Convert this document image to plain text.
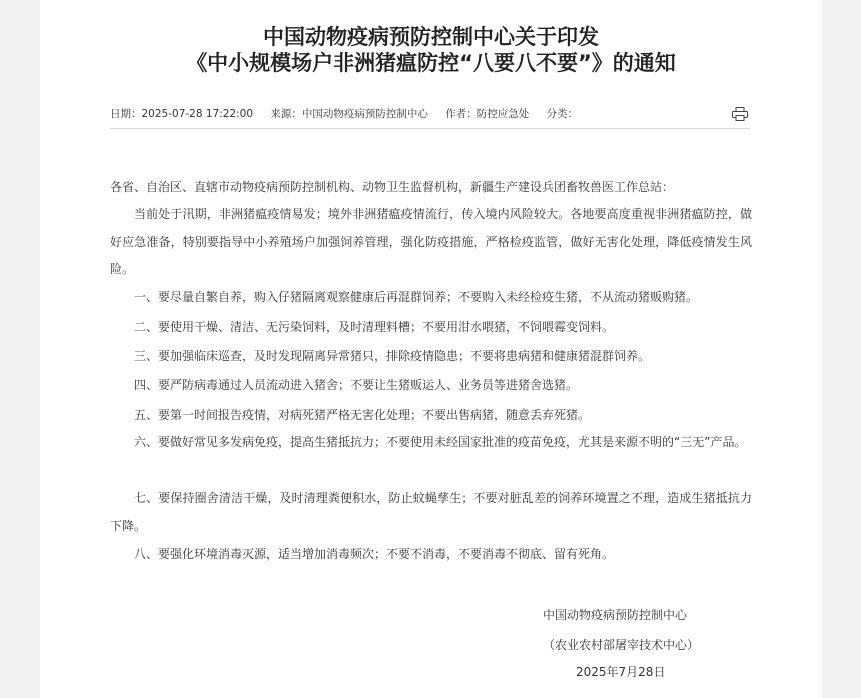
中国动物疫病预防控制中心关于印发
《中小规模场户非洲猪瘟防控“八要八不要”》的通知
日期：2025-07-28 17:22:00 来源：中国动物疫病预防控制中心 作者：防控应急处 分类：
各省、自治区、直辖市动物疫病预防控制机构、动物卫生监督机构，新疆生产建设兵团畜牧兽医工作总站：
当前处于汛期，非洲猪瘟疫情易发；境外非洲猪瘟疫情流行，传入境内风险较大。各地要高度重视非洲猪瘟防控，做好应急准备，特别要指导中小养殖场户加强饲养管理，强化防疫措施，严格检疫监管，做好无害化处理，降低疫情发生风险。
一、要尽量自繁自养，购入仔猪隔离观察健康后再混群饲养；不要购入未经检疫生猪，不从流动猪贩购猪。
二、要使用干燥、清洁、无污染饲料，及时清理料槽；不要用泔水喂猪，不饲喂霉变饲料。
三、要加强临床巡查，及时发现隔离异常猪只，排除疫情隐患；不要将患病猪和健康猪混群饲养。
四、要严防病毒通过人员流动进入猪舍；不要让生猪贩运人、业务员等进猪舍选猪。
五、要第一时间报告疫情，对病死猪严格无害化处理；不要出售病猪，随意丢弃死猪。
六、要做好常见多发病免疫，提高生猪抵抗力；不要使用未经国家批准的疫苗免疫，尤其是来源不明的“三无”产品。
七、要保持圈舍清洁干燥，及时清理粪便积水，防止蚊蝇孳生；不要对脏乱差的饲养环境置之不理，造成生猪抵抗力下降。
八、要强化环境消毒灭源，适当增加消毒频次；不要不消毒，不要消毒不彻底、留有死角。
中国动物疫病预防控制中心
（农业农村部屠宰技术中心）
2025年7月28日
